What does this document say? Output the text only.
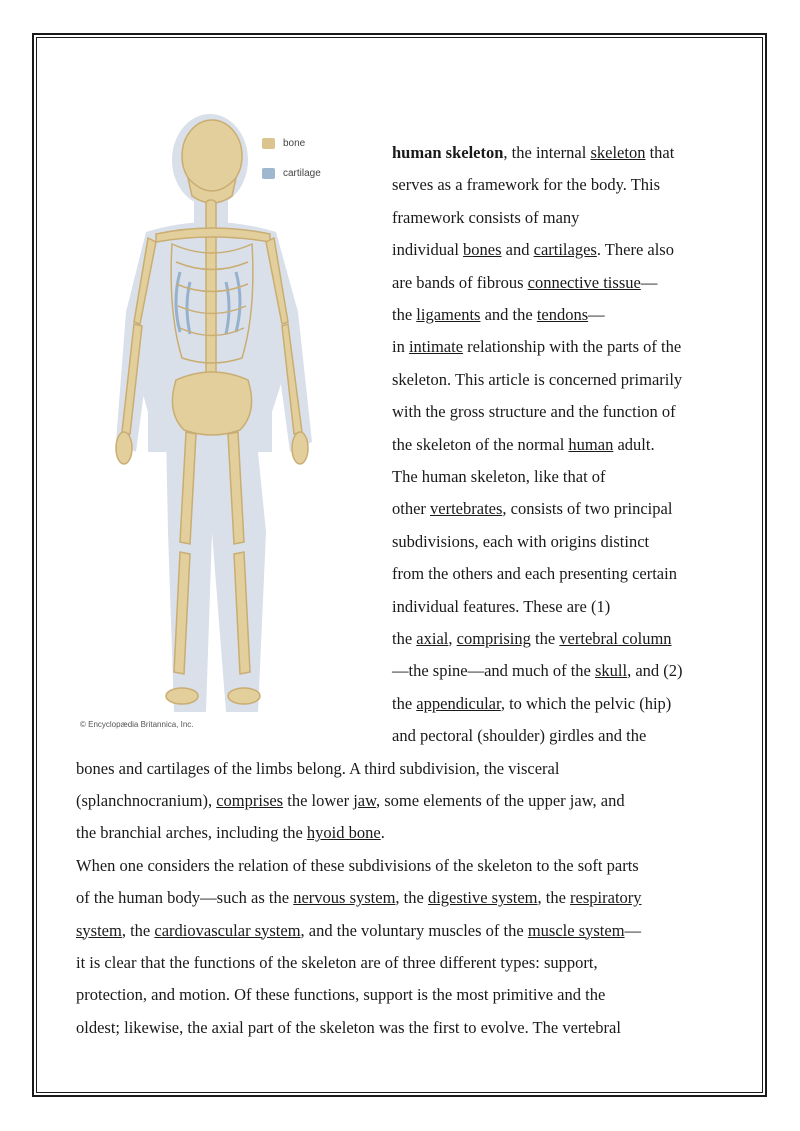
bone
cartilage
© Encyclopædia Britannica, Inc.
human skeleton, the internal skeleton that
serves as a framework for the body. This
framework consists of many
individual bones and cartilages. There also
are bands of fibrous connective tissue—
the ligaments and the tendons—
in intimate relationship with the parts of the
skeleton. This article is concerned primarily
with the gross structure and the function of
the skeleton of the normal human adult.
The human skeleton, like that of
other vertebrates, consists of two principal
subdivisions, each with origins distinct
from the others and each presenting certain
individual features. These are (1)
the axial, comprising the vertebral column
—the spine—and much of the skull, and (2)
the appendicular, to which the pelvic (hip)
and pectoral (shoulder) girdles and the
bones and cartilages of the limbs belong. A third subdivision, the visceral
(splanchnocranium), comprises the lower jaw, some elements of the upper jaw, and
the branchial arches, including the hyoid bone.
When one considers the relation of these subdivisions of the skeleton to the soft parts
of the human body—such as the nervous system, the digestive system, the respiratory
system, the cardiovascular system, and the voluntary muscles of the muscle system—
it is clear that the functions of the skeleton are of three different types: support,
protection, and motion. Of these functions, support is the most primitive and the
oldest; likewise, the axial part of the skeleton was the first to evolve. The vertebral
